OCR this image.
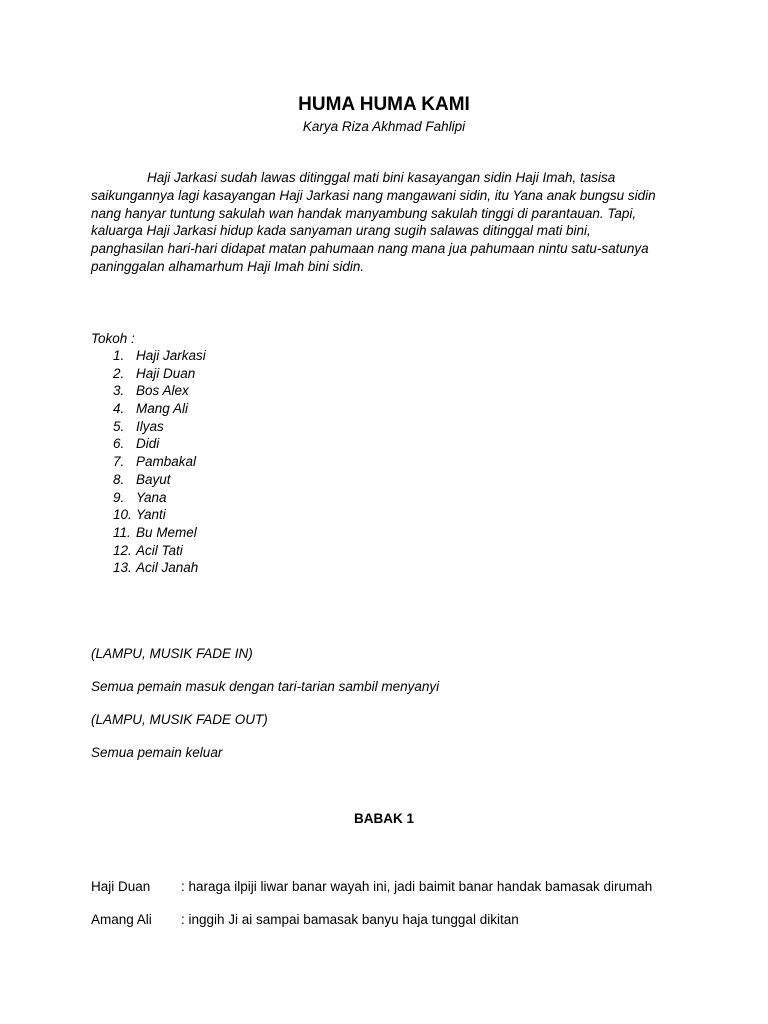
HUMA HUMA KAMI
Karya Riza Akhmad Fahlipi
Haji Jarkasi sudah lawas ditinggal mati bini kasayangan sidin Haji Imah, tasisa
saikungannya lagi kasayangan Haji Jarkasi nang mangawani sidin, itu Yana anak bungsu sidin
nang hanyar tuntung sakulah wan handak manyambung sakulah tinggi di parantauan. Tapi,
kaluarga Haji Jarkasi hidup kada sanyaman urang sugih salawas ditinggal mati bini,
panghasilan hari-hari didapat matan pahumaan nang mana jua pahumaan nintu satu-satunya
paninggalan alhamarhum Haji Imah bini sidin.
Tokoh :
1. Haji Jarkasi
2. Haji Duan
3. Bos Alex
4. Mang Ali
5. Ilyas
6. Didi
7. Pambakal
8. Bayut
9. Yana
10. Yanti
11. Bu Memel
12. Acil Tati
13. Acil Janah
(LAMPU, MUSIK FADE IN)
Semua pemain masuk dengan tari-tarian sambil menyanyi
(LAMPU, MUSIK FADE OUT)
Semua pemain keluar
BABAK 1
Haji Duan : haraga ilpiji liwar banar wayah ini, jadi baimit banar handak bamasak dirumah
Amang Ali : inggih Ji ai sampai bamasak banyu haja tunggal dikitan
